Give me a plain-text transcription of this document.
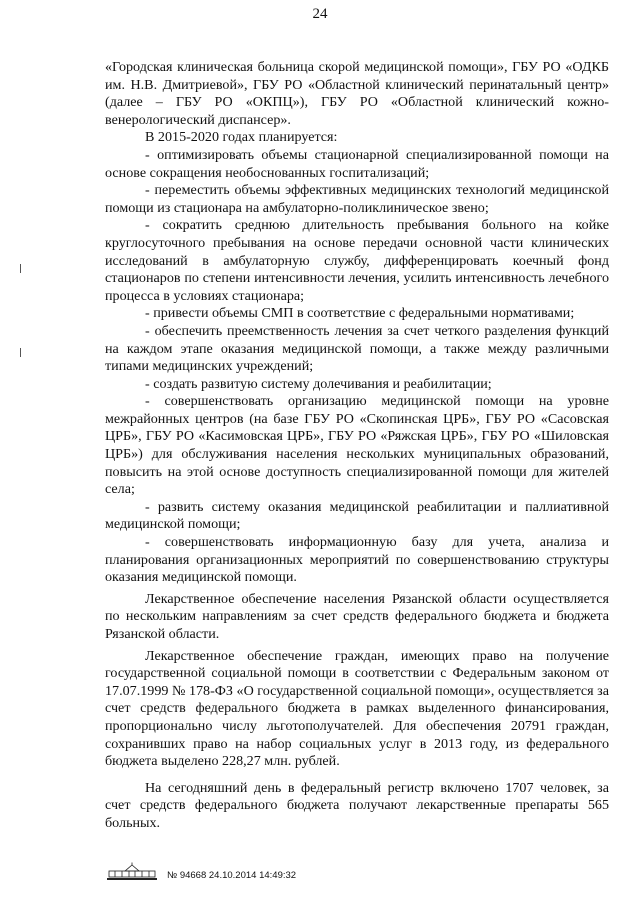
24

«Городская клиническая больница скорой медицинской помощи», ГБУ РО «ОДКБ им. Н.В. Дмитриевой», ГБУ РО «Областной клинический перинатальный центр» (далее – ГБУ РО «ОКПЦ»), ГБУ РО «Областной клинический кожно-венерологический диспансер».

В 2015-2020 годах планируется:

- оптимизировать объемы стационарной специализированной помощи на основе сокращения необоснованных госпитализаций;

- переместить объемы эффективных медицинских технологий медицинской помощи из стационара на амбулаторно-поликлиническое звено;

- сократить среднюю длительность пребывания больного на койке круглосуточного пребывания на основе передачи основной части клинических исследований в амбулаторную службу, дифференцировать коечный фонд стационаров по степени интенсивности лечения, усилить интенсивность лечебного процесса в условиях стационара;

- привести объемы СМП в соответствие с федеральными нормативами;

- обеспечить преемственность лечения за счет четкого разделения функций на каждом этапе оказания медицинской помощи, а также между различными типами медицинских учреждений;

- создать развитую систему долечивания и реабилитации;

- совершенствовать организацию медицинской помощи на уровне межрайонных центров (на базе ГБУ РО «Скопинская ЦРБ», ГБУ РО «Сасовская ЦРБ», ГБУ РО «Касимовская ЦРБ», ГБУ РО «Ряжская ЦРБ», ГБУ РО «Шиловская ЦРБ») для обслуживания населения нескольких муниципальных образований, повысить на этой основе доступность специализированной помощи для жителей села;

- развить систему оказания медицинской реабилитации и паллиативной медицинской помощи;

- совершенствовать информационную базу для учета, анализа и планирования организационных мероприятий по совершенствованию структуры оказания медицинской помощи.

Лекарственное обеспечение населения Рязанской области осуществляется по нескольким направлениям за счет средств федерального бюджета и бюджета Рязанской области.

Лекарственное обеспечение граждан, имеющих право на получение государственной социальной помощи в соответствии с Федеральным законом от 17.07.1999 № 178-ФЗ «О государственной социальной помощи», осуществляется за счет средств федерального бюджета в рамках выделенного финансирования, пропорционально числу льготополучателей. Для обеспечения 20791 граждан, сохранивших право на набор социальных услуг в 2013 году, из федерального бюджета выделено 228,27 млн. рублей.

На сегодняшний день в федеральный регистр включено 1707 человек, за счет средств федерального бюджета получают лекарственные препараты 565 больных.

№ 94668 24.10.2014 14:49:32
